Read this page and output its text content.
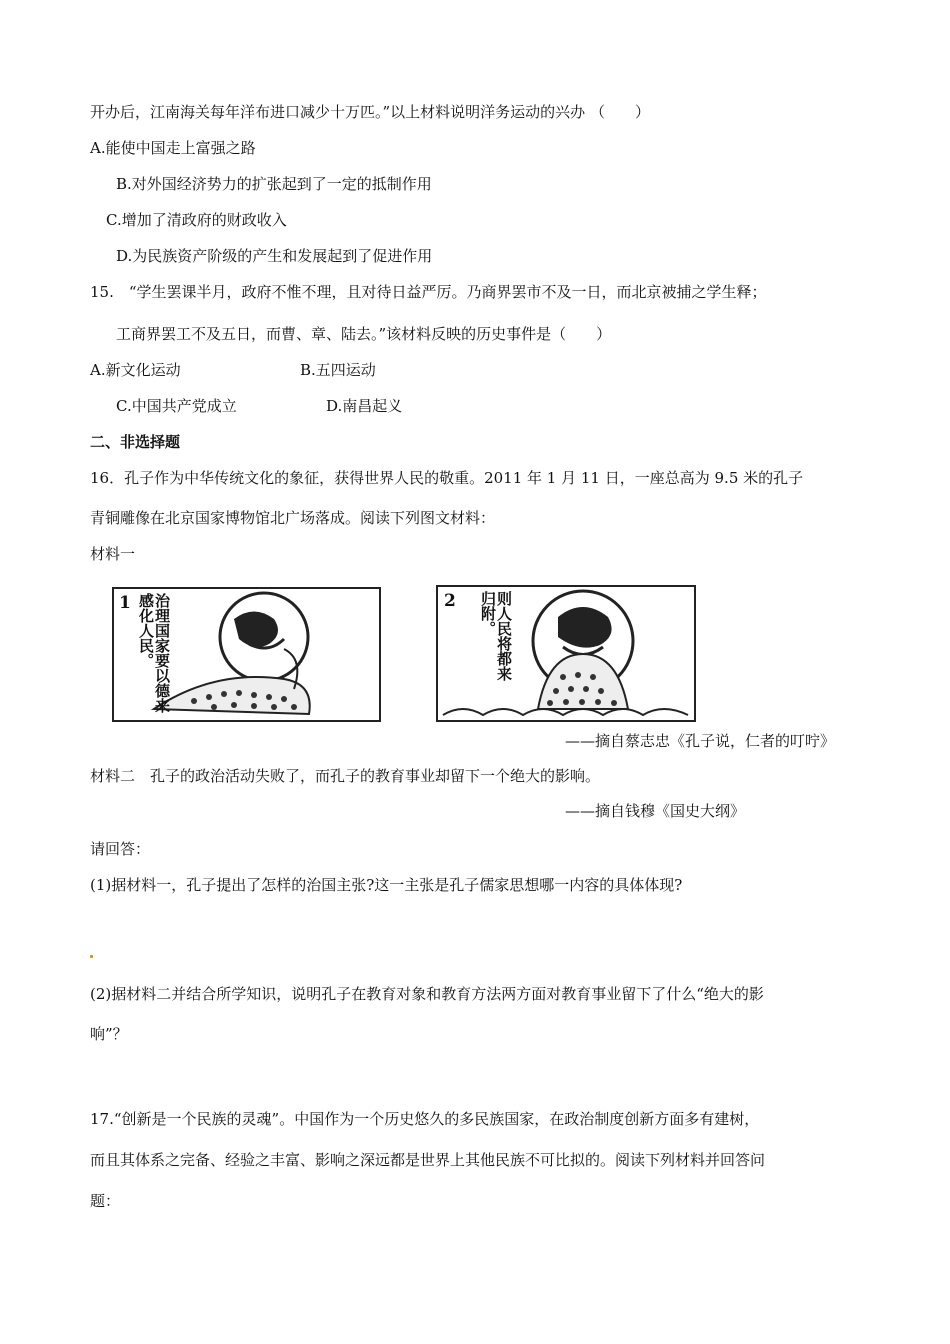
开办后，江南海关每年洋布进口减少十万匹。”以上材料说明洋务运动的兴办 （　　）
A.能使中国走上富强之路
B.对外国经济势力的扩张起到了一定的抵制作用
C.增加了清政府的财政收入
D.为民族资产阶级的产生和发展起到了促进作用
15.　“学生罢课半月，政府不惟不理，且对待日益严厉。乃商界罢市不及一日，而北京被捕之学生释；
工商界罢工不及五日，而曹、章、陆去。”该材料反映的历史事件是（　　）
A.新文化运动	B.五四运动
C.中国共产党成立	D.南昌起义
二、非选择题
16．孔子作为中华传统文化的象征，获得世界人民的敬重。2011 年 1 月 11 日，一座总高为 9.5 米的孔子
青铜雕像在北京国家博物馆北广场落成。阅读下列图文材料：
材料一
1	治理国家要以德来感化人民。	2	则人民将都来归附。
——摘自蔡志忠《孔子说，仁者的叮咛》
材料二　孔子的政治活动失败了，而孔子的教育事业却留下一个绝大的影响。
——摘自钱穆《国史大纲》
请回答：
(1)据材料一，孔子提出了怎样的治国主张?这一主张是孔子儒家思想哪一内容的具体体现?
(2)据材料二并结合所学知识，说明孔子在教育对象和教育方法两方面对教育事业留下了什么“绝大的影
响”？
17.“创新是一个民族的灵魂”。中国作为一个历史悠久的多民族国家，在政治制度创新方面多有建树，
而且其体系之完备、经验之丰富、影响之深远都是世界上其他民族不可比拟的。阅读下列材料并回答问
题：
